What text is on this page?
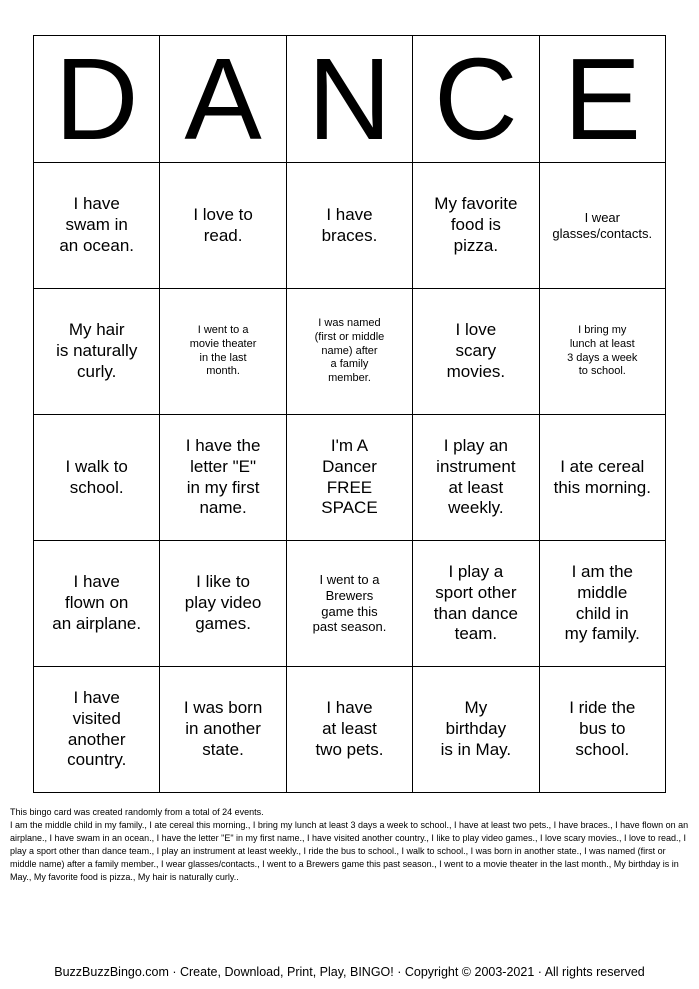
D	A	N	C	E
I have
swam in
an ocean.	I love to
read.	I have
braces.	My favorite
food is
pizza.	I wear
glasses/contacts.
My hair
is naturally
curly.	I went to a
movie theater
in the last
month.	I was named
(first or middle
name) after
a family
member.	I love
scary
movies.	I bring my
lunch at least
3 days a week
to school.
I walk to
school.	I have the
letter "E"
in my first
name.	I'm A
Dancer
FREE
SPACE	I play an
instrument
at least
weekly.	I ate cereal
this morning.
I have
flown on
an airplane.	I like to
play video
games.	I went to a
Brewers
game this
past season.	I play a
sport other
than dance
team.	I am the
middle
child in
my family.
I have
visited
another
country.	I was born
in another
state.	I have
at least
two pets.	My
birthday
is in May.	I ride the
bus to
school.

This bingo card was created randomly from a total of 24 events.

I am the middle child in my family., I ate cereal this morning., I bring my lunch at least 3 days a week to school., I have at least two pets., I have braces., I have flown on an airplane., I have swam in an ocean., I have the letter "E" in my first name., I have visited another country., I like to play video games., I love scary movies., I love to read., I play a sport other than dance team., I play an instrument at least weekly., I ride the bus to school., I walk to school., I was born in another state., I was named (first or middle name) after a family member., I wear glasses/contacts., I went to a Brewers game this past season., I went to a movie theater in the last month., My birthday is in May., My favorite food is pizza., My hair is naturally curly..

BuzzBuzzBingo.com · Create, Download, Print, Play, BINGO! · Copyright © 2003-2021 · All rights reserved
